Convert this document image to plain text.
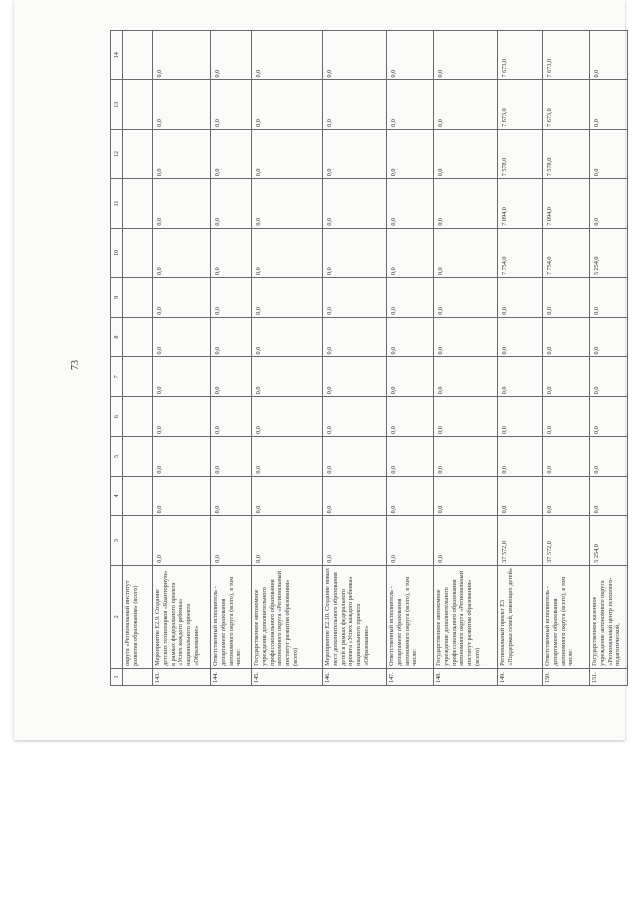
73
1	2	3	4	5	6	7	8	9	10	11	12	13	14
	округа «Региональный институт развития образования» (всего)												
143.	Мероприятие E2.9. Создание детских технопарков «Кванториум» в рамках федерального проекта «Успех каждого ребенка» национального проекта «Образование»	0,0	0,0	0,0	0,0	0,0	0,0	0,0	0,0	0,0	0,0	0,0	0,0
144.	Ответственный исполнитель - департамент образования автономного округа (всего), в том числе:	0,0	0,0	0,0	0,0	0,0	0,0	0,0	0,0	0,0	0,0	0,0	0,0
145.	Государственное автономное учреждение дополнительного профессионального образования автономного округа «Региональный институт развития образования» (всего)	0,0	0,0	0,0	0,0	0,0	0,0	0,0	0,0	0,0	0,0	0,0	0,0
146.	Мероприятие E2.10. Создание новых мест дополнительного образования детей в рамках федерального проекта «Успех каждого ребенка» национального проекта «Образование»	0,0	0,0	0,0	0,0	0,0	0,0	0,0	0,0	0,0	0,0	0,0	0,0
147.	Ответственный исполнитель - департамент образования автономного округа (всего), в том числе:	0,0	0,0	0,0	0,0	0,0	0,0	0,0	0,0	0,0	0,0	0,0	0,0
148.	Государственное автономное учреждение дополнительного профессионального образования автономного округа «Региональный институт развития образования» (всего)	0,0	0,0	0,0	0,0	0,0	0,0	0,0	0,0	0,0	0,0	0,0	0,0
149.	Региональный проект E3 «Поддержка семей, имеющих детей»	37 572,0	0,0	0,0	0,0	0,0	0,0	0,0	7 754,0	7 094,0	7 578,0	7 673,0	7 673,0
150.	Ответственный исполнитель - департамент образования автономного округа (всего), в том числе:	37 572,0	0,0	0,0	0,0	0,0	0,0	0,0	7 754,0	7 094,0	7 578,0	7 673,0	7 673,0
151.	Государственное казенное учреждение автономного округа «Региональный центр психолого-педагогической,	5 254,0	0,0	0,0	0,0	0,0	0,0	0,0	5 254,0	0,0	0,0	0,0	0,0
